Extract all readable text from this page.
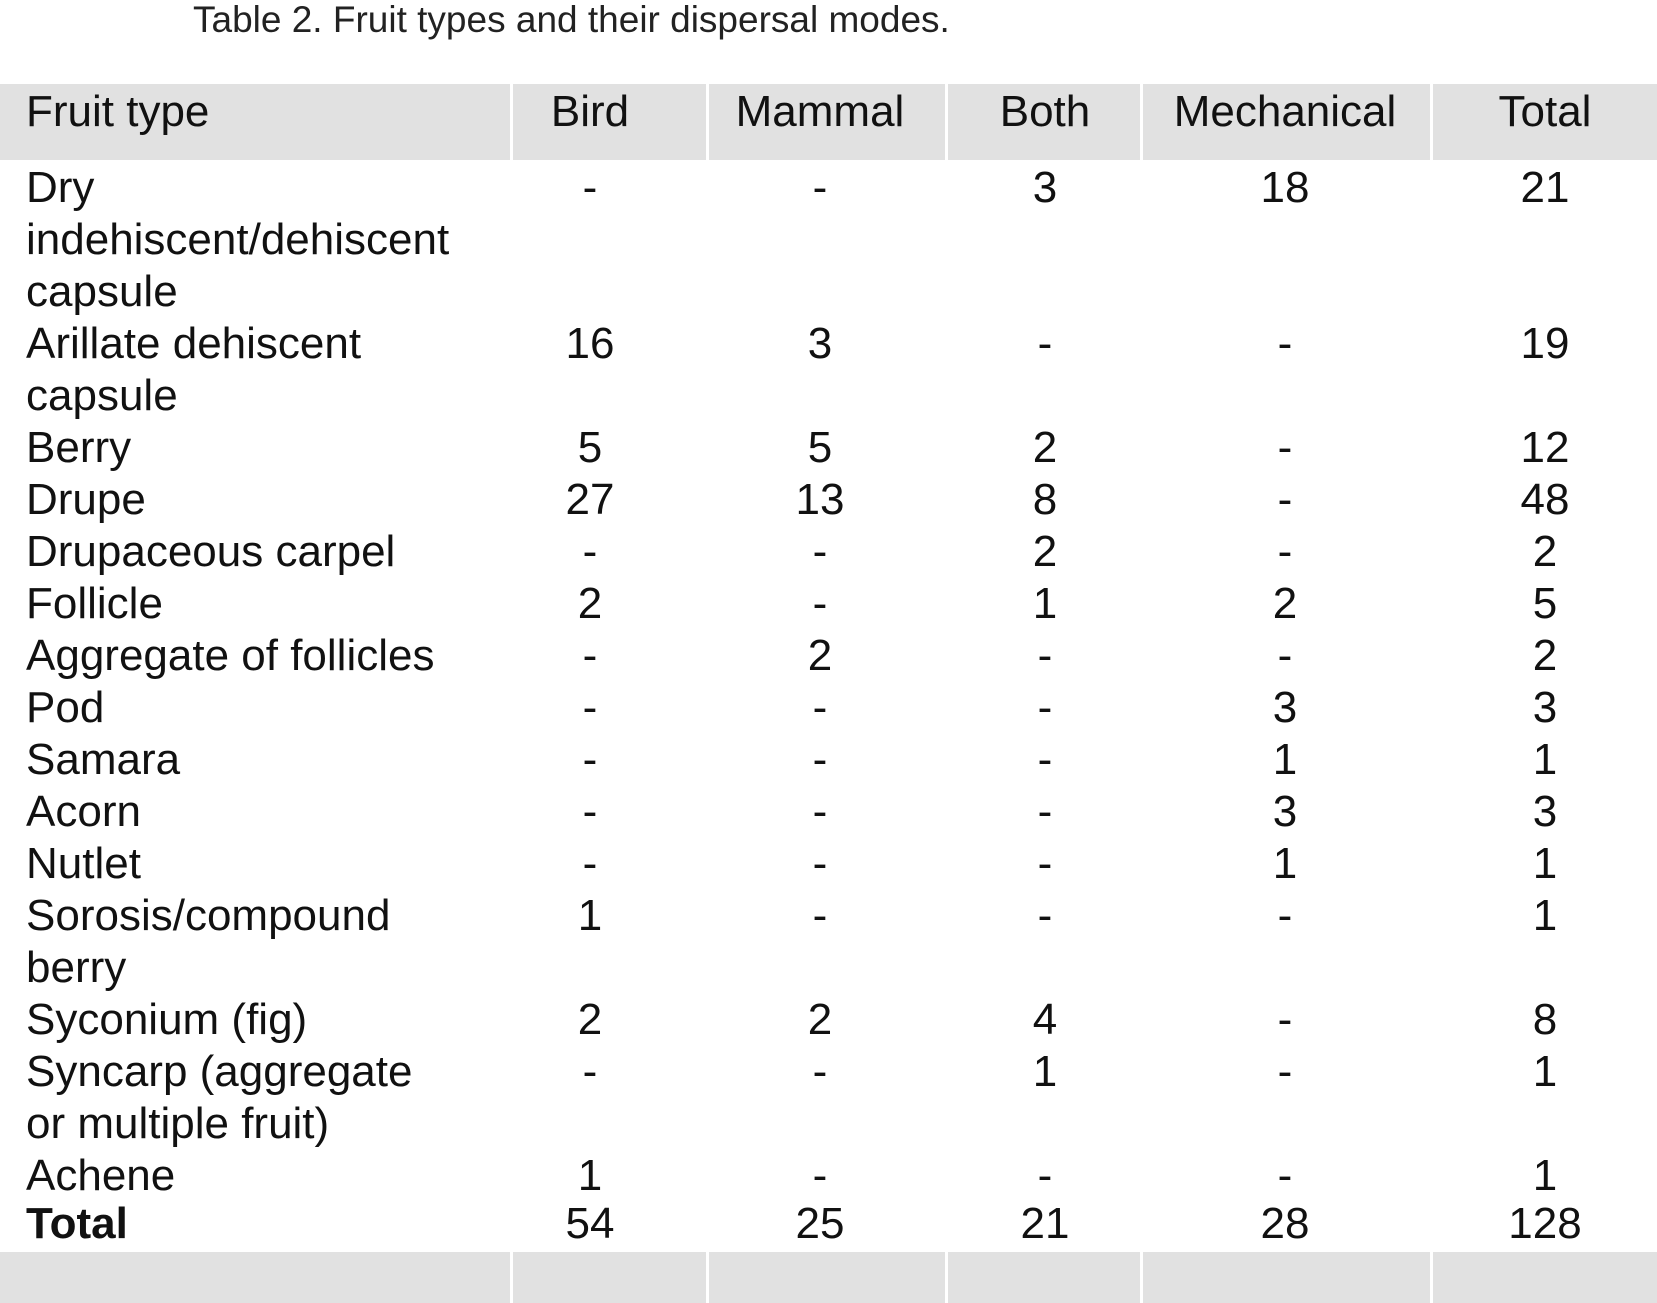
Table 2. Fruit types and their dispersal modes.
Fruit type	Bird	Mammal	Both	Mechanical	Total
Dry
indehiscent/dehiscent
capsule
-	-	3	18	21
Arillate dehiscent
capsule
16	3	-	-	19
Berry	5	5	2	-	12
Drupe	27	13	8	-	48
Drupaceous carpel	-	-	2	-	2
Follicle	2	-	1	2	5
Aggregate of follicles	-	2	-	-	2
Pod	-	-	-	3	3
Samara	-	-	-	1	1
Acorn	-	-	-	3	3
Nutlet	-	-	-	1	1
Sorosis/compound
berry
1	-	-	-	1
Syconium (fig)	2	2	4	-	8
Syncarp (aggregate
or multiple fruit)
-	-	1	-	1
Achene	1	-	-	-	1
Total	54	25	21	28	128
